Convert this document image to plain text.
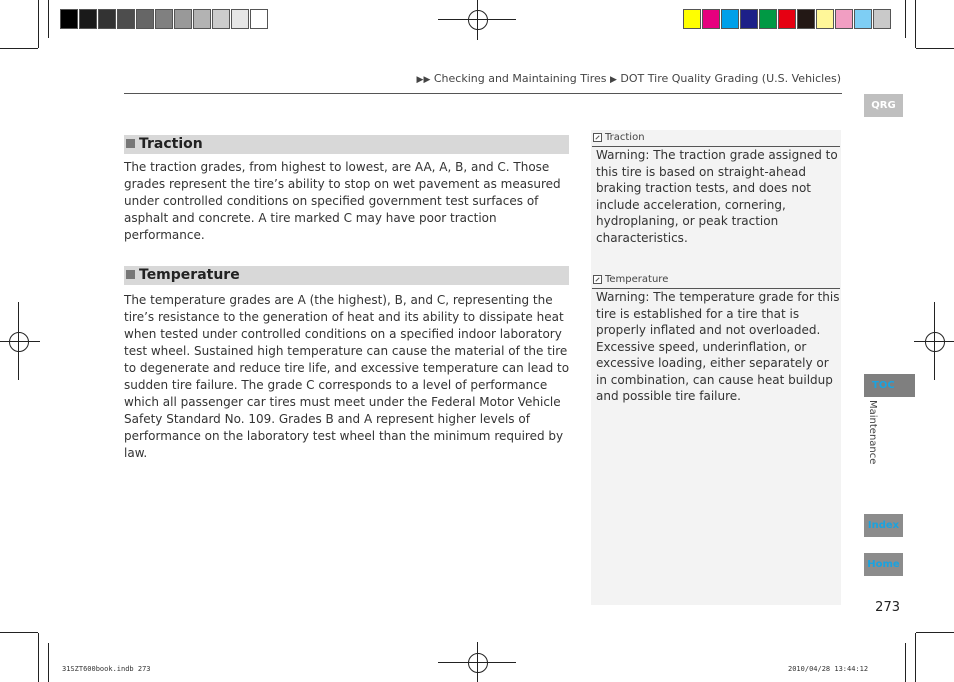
▶▶ Checking and Maintaining Tires ▶ DOT Tire Quality Grading (U.S. Vehicles)
Traction
The traction grades, from highest to lowest, are AA, A, B, and C. Those grades represent the tire’s ability to stop on wet pavement as measured under controlled conditions on specified government test surfaces of asphalt and concrete. A tire marked C may have poor traction performance.
Temperature
The temperature grades are A (the highest), B, and C, representing the tire’s resistance to the generation of heat and its ability to dissipate heat when tested under controlled conditions on a specified indoor laboratory test wheel. Sustained high temperature can cause the material of the tire to degenerate and reduce tire life, and excessive temperature can lead to sudden tire failure. The grade C corresponds to a level of performance which all passenger car tires must meet under the Federal Motor Vehicle Safety Standard No. 109. Grades B and A represent higher levels of performance on the laboratory test wheel than the minimum required by law.
Traction
Warning: The traction grade assigned to this tire is based on straight-ahead braking traction tests, and does not include acceleration, cornering, hydroplaning, or peak traction characteristics.
Temperature
Warning: The temperature grade for this tire is established for a tire that is properly inflated and not overloaded. Excessive speed, underinflation, or excessive loading, either separately or in combination, can cause heat buildup and possible tire failure.
QRG
TOC
Maintenance
Index
Home
273
31SZT600book.indb 273	2010/04/28 13:44:12
